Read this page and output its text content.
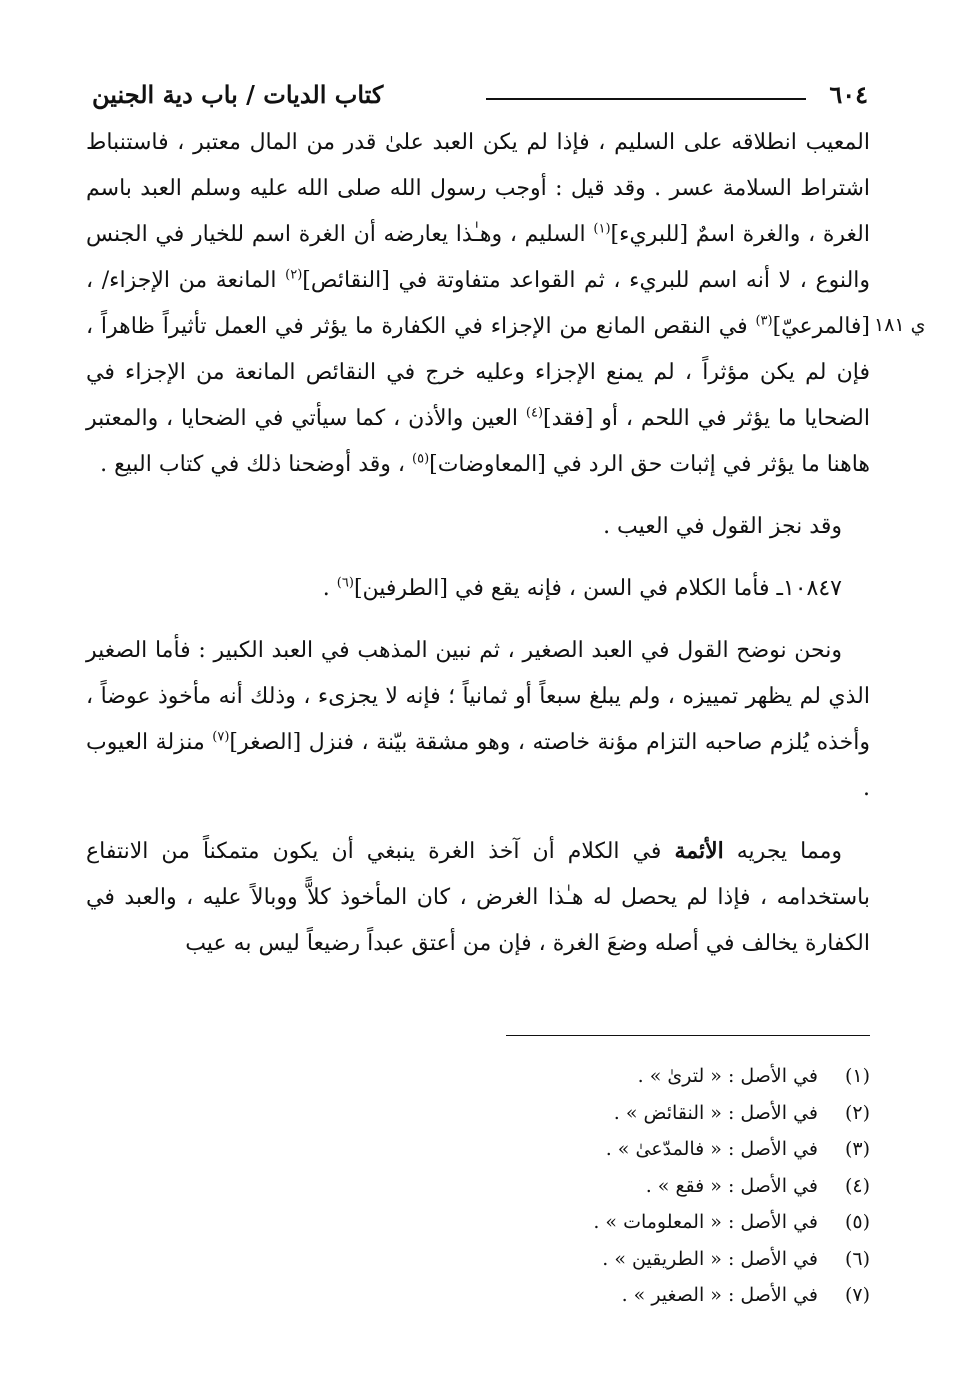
٦٠٤
كتاب الديات / باب دية الجنين
ي ١٨١

المعيب انطلاقه على السليم ، فإذا لم يكن العبد علىٰ قدر من المال معتبر ، فاستنباط اشتراط السلامة عسر . وقد قيل : أوجب رسول الله صلى الله عليه وسلم العبد باسم الغرة ، والغرة اسمٌ [للبريء]$^{(١)}$ السليم ، وهـٰذا يعارضه أن الغرة اسم للخيار في الجنس والنوع ، لا أنه اسم للبريء ، ثم القواعد متفاوتة في [النقائص]$^{(٢)}$ المانعة من الإجزاء/ ، [فالمرعيّ]$^{(٣)}$ في النقص المانع من الإجزاء في الكفارة ما يؤثر في العمل تأثيراً ظاهراً ، فإن لم يكن مؤثراً ، لم يمنع الإجزاء وعليه خرج في النقائص المانعة من الإجزاء في الضحايا ما يؤثر في اللحم ، أو [فقد]$^{(٤)}$ العين والأذن ، كما سيأتي في الضحايا ، والمعتبر هاهنا ما يؤثر في إثبات حق الرد في [المعاوضات]$^{(٥)}$ ، وقد أوضحنا ذلك في كتاب البيع .

وقد نجز القول في العيب .

١٠٨٤٧ـ فأما الكلام في السن ، فإنه يقع في [الطرفين]$^{(٦)}$ .

ونحن نوضح القول في العبد الصغير ، ثم نبين المذهب في العبد الكبير : فأما الصغير الذي لم يظهر تمييزه ، ولم يبلغ سبعاً أو ثمانياً ؛ فإنه لا يجزىء ، وذلك أنه مأخوذ عوضاً ، وأخذه يُلزم صاحبه التزام مؤنة خاصته ، وهو مشقة بيّنة ، فنزل [الصغر]$^{(٧)}$ منزلة العيوب .

ومما يجريه الأئمة في الكلام أن آخذ الغرة ينبغي أن يكون متمكناً من الانتفاع باستخدامه ، فإذا لم يحصل له هـٰذا الغرض ، كان المأخوذ كلاًّ ووبالاً عليه ، والعبد في الكفارة يخالف في أصله وضعَ الغرة ، فإن من أعتق عبداً رضيعاً ليس به عيب

(١)في الأصل : « لترىٰ » .
(٢)في الأصل : « النقائض » .
(٣)في الأصل : « فالمدّعىٰ » .
(٤)في الأصل : « فقع » .
(٥)في الأصل : « المعلومات » .
(٦)في الأصل : « الطريقين » .
(٧)في الأصل : « الصغير » .
